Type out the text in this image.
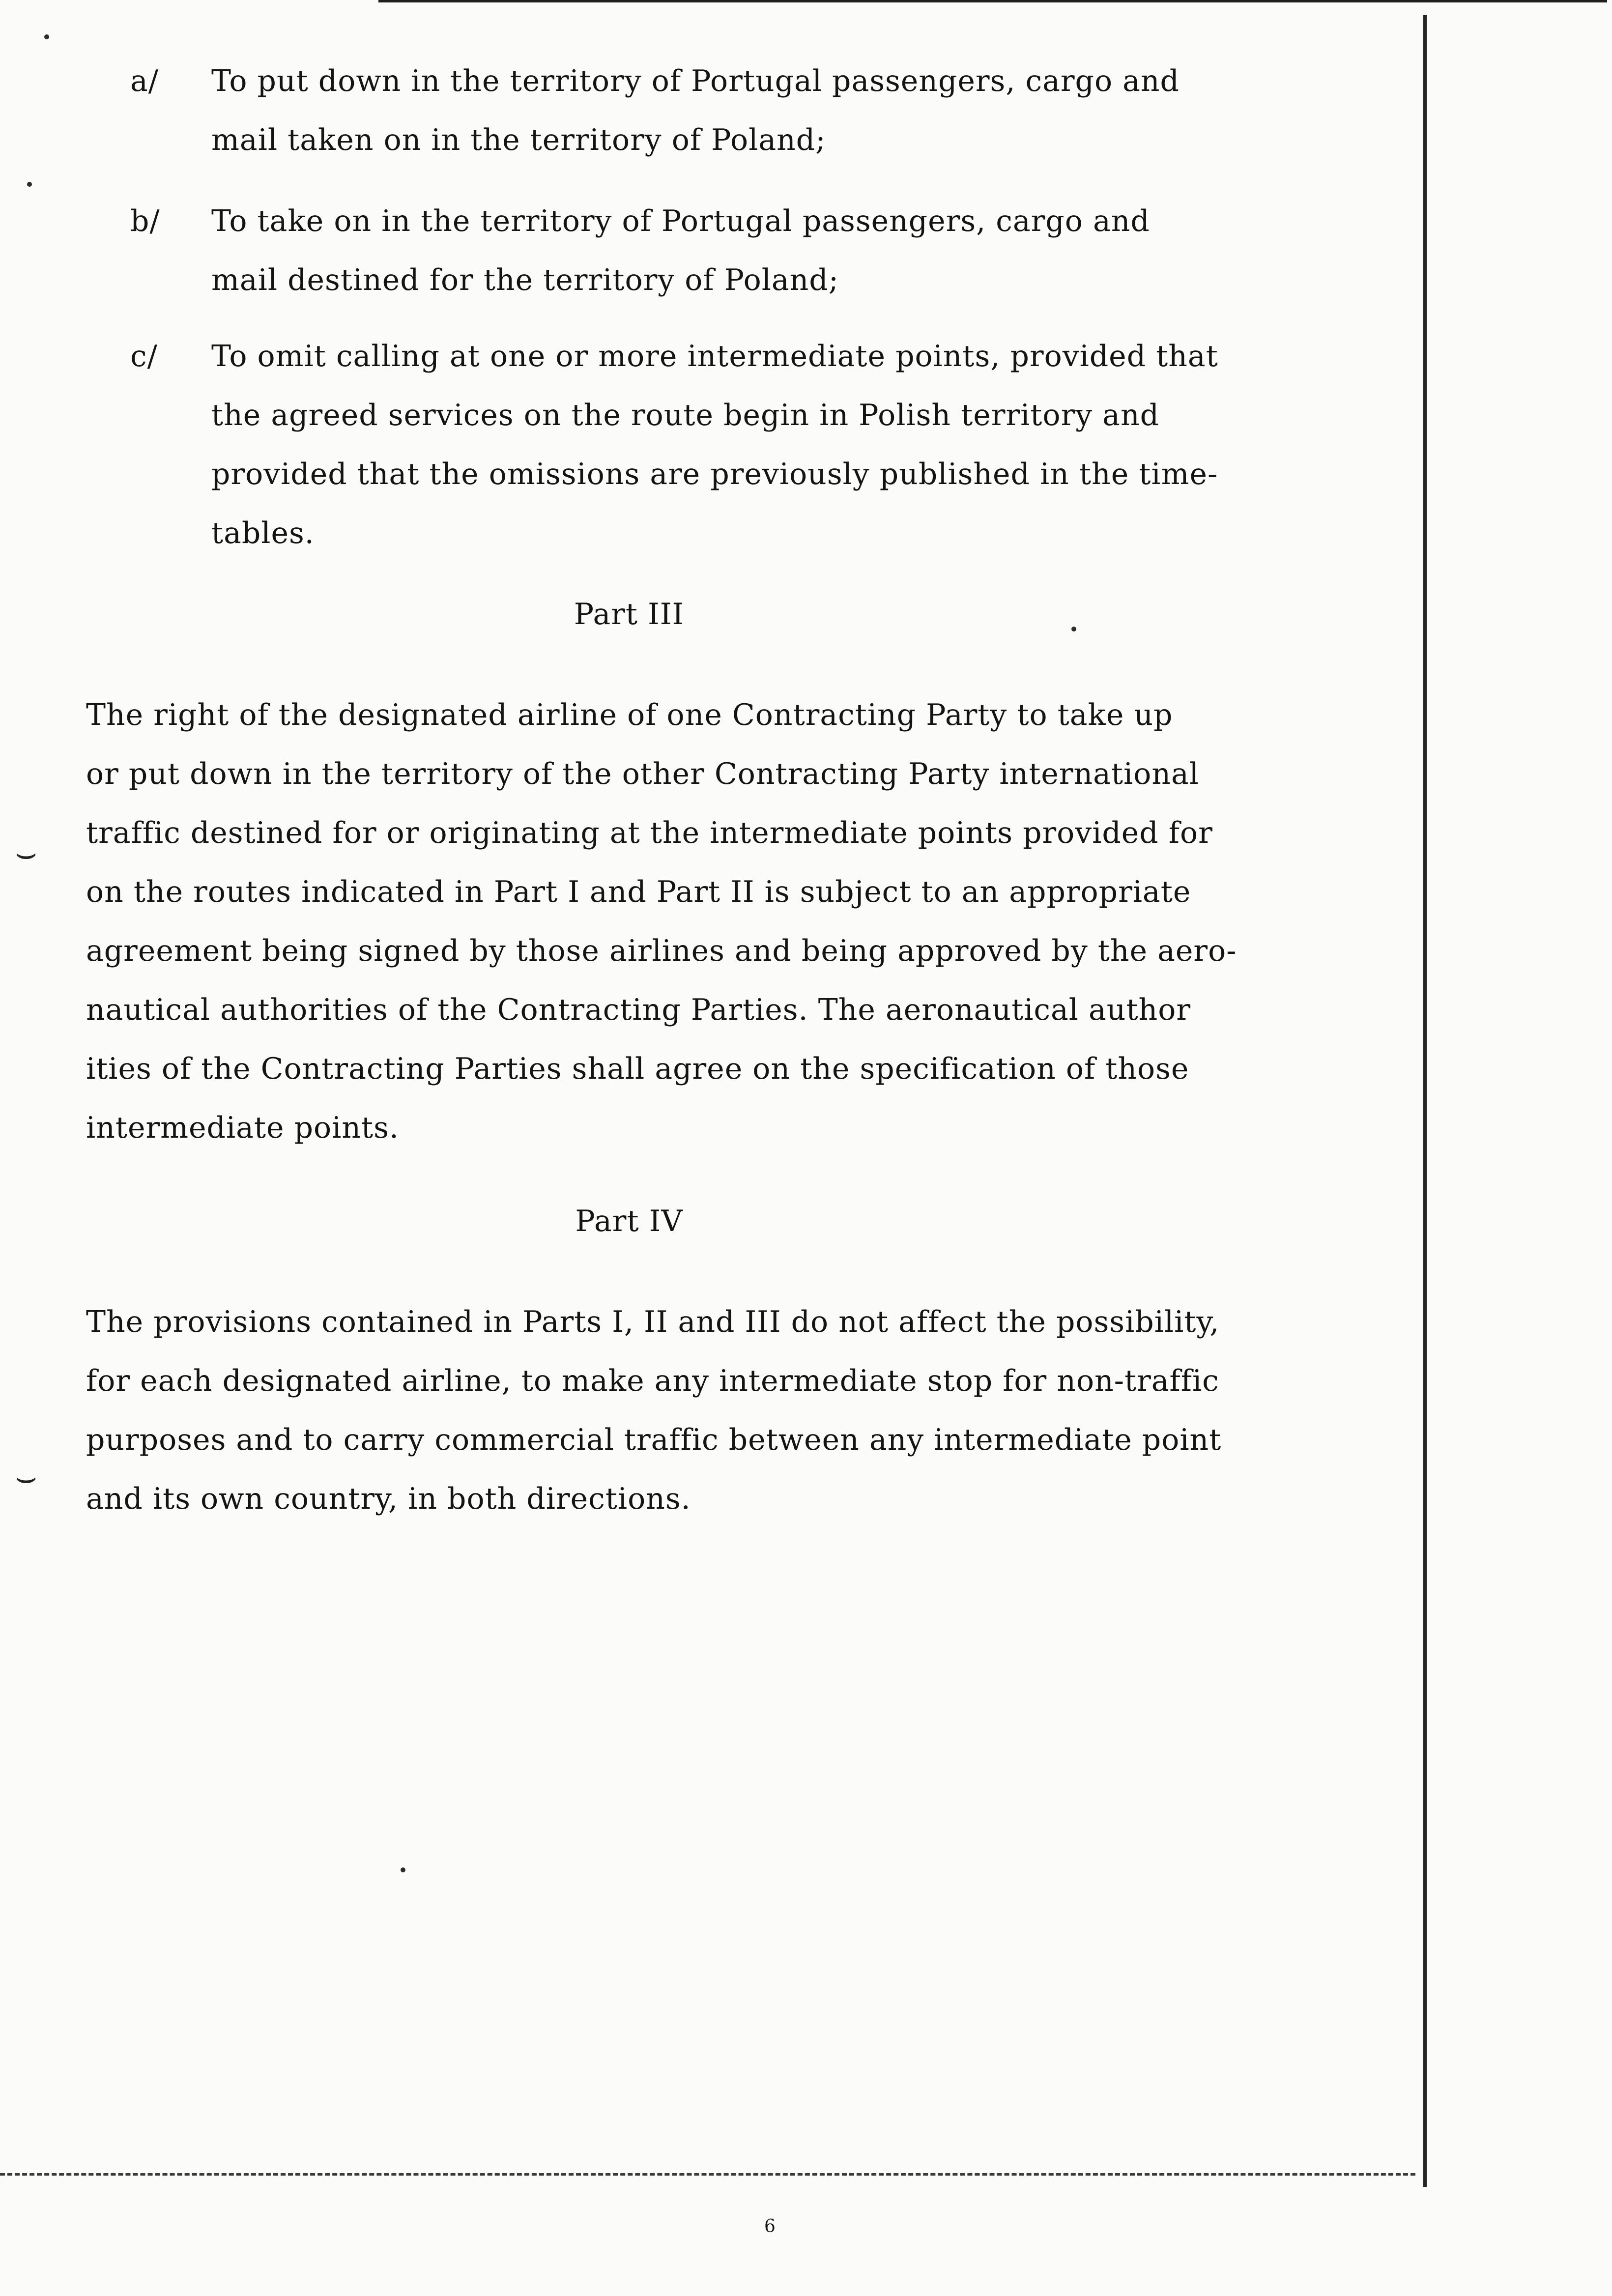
⌣
⌣
a/ To put down in the territory of Portugal passengers, cargo and
mail taken on in the territory of Poland;
b/ To take on in the territory of Portugal passengers, cargo and
mail destined for the territory of Poland;
c/ To omit calling at one or more intermediate points, provided that
the agreed services on the route begin in Polish territory and
provided that the omissions are previously published in the time-
tables.
Part III
The right of the designated airline of one Contracting Party to take up
or put down in the territory of the other Contracting Party international
traffic destined for or originating at the intermediate points provided for
on the routes indicated in Part I and Part II is subject to an appropriate
agreement being signed by those airlines and being approved by the aero-
nautical authorities of the Contracting Parties. The aeronautical author
ities of the Contracting Parties shall agree on the specification of those
intermediate points.
Part IV
The provisions contained in Parts I, II and III do not affect the possibility,
for each designated airline, to make any intermediate stop for non-traffic
purposes and to carry commercial traffic between any intermediate point
and its own country, in both directions.
6
